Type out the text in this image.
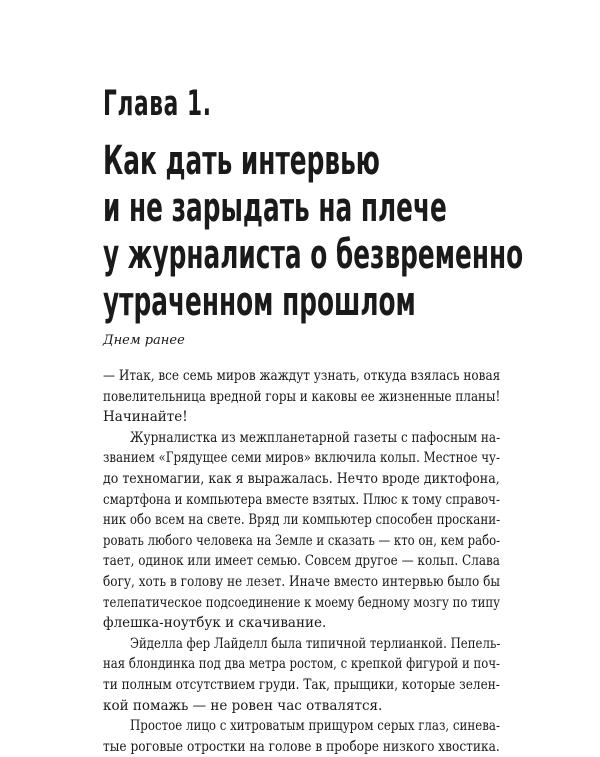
Глава 1.
Как дать интервью
и не зарыдать на плече
у журналиста о безвременно
утраченном прошлом

Днем ранее

— Итак, все семь миров жаждут узнать, откуда взялась новая
повелительница вредной горы и каковы ее жизненные планы!
Начинайте!
Журналистка из межпланетарной газеты с пафосным на-
званием «Грядущее семи миров» включила кольп. Местное чу-
до техномагии, как я выражалась. Нечто вроде диктофона,
смартфона и компьютера вместе взятых. Плюс к тому справоч-
ник обо всем на свете. Вряд ли компьютер способен проскани-
ровать любого человека на Земле и сказать — кто он, кем рабо-
тает, одинок или имеет семью. Совсем другое — кольп. Слава
богу, хоть в голову не лезет. Иначе вместо интервью было бы
телепатическое подсоединение к моему бедному мозгу по типу
флешка-ноутбук и скачивание.
Эйделла фер Лайделл была типичной терлианкой. Пепель-
ная блондинка под два метра ростом, с крепкой фигурой и поч-
ти полным отсутствием груди. Так, прыщики, которые зелен-
кой помажь — не ровен час отвалятся.
Простое лицо с хитроватым прищуром серых глаз, синева-
тые роговые отростки на голове в проборе низкого хвостика.
